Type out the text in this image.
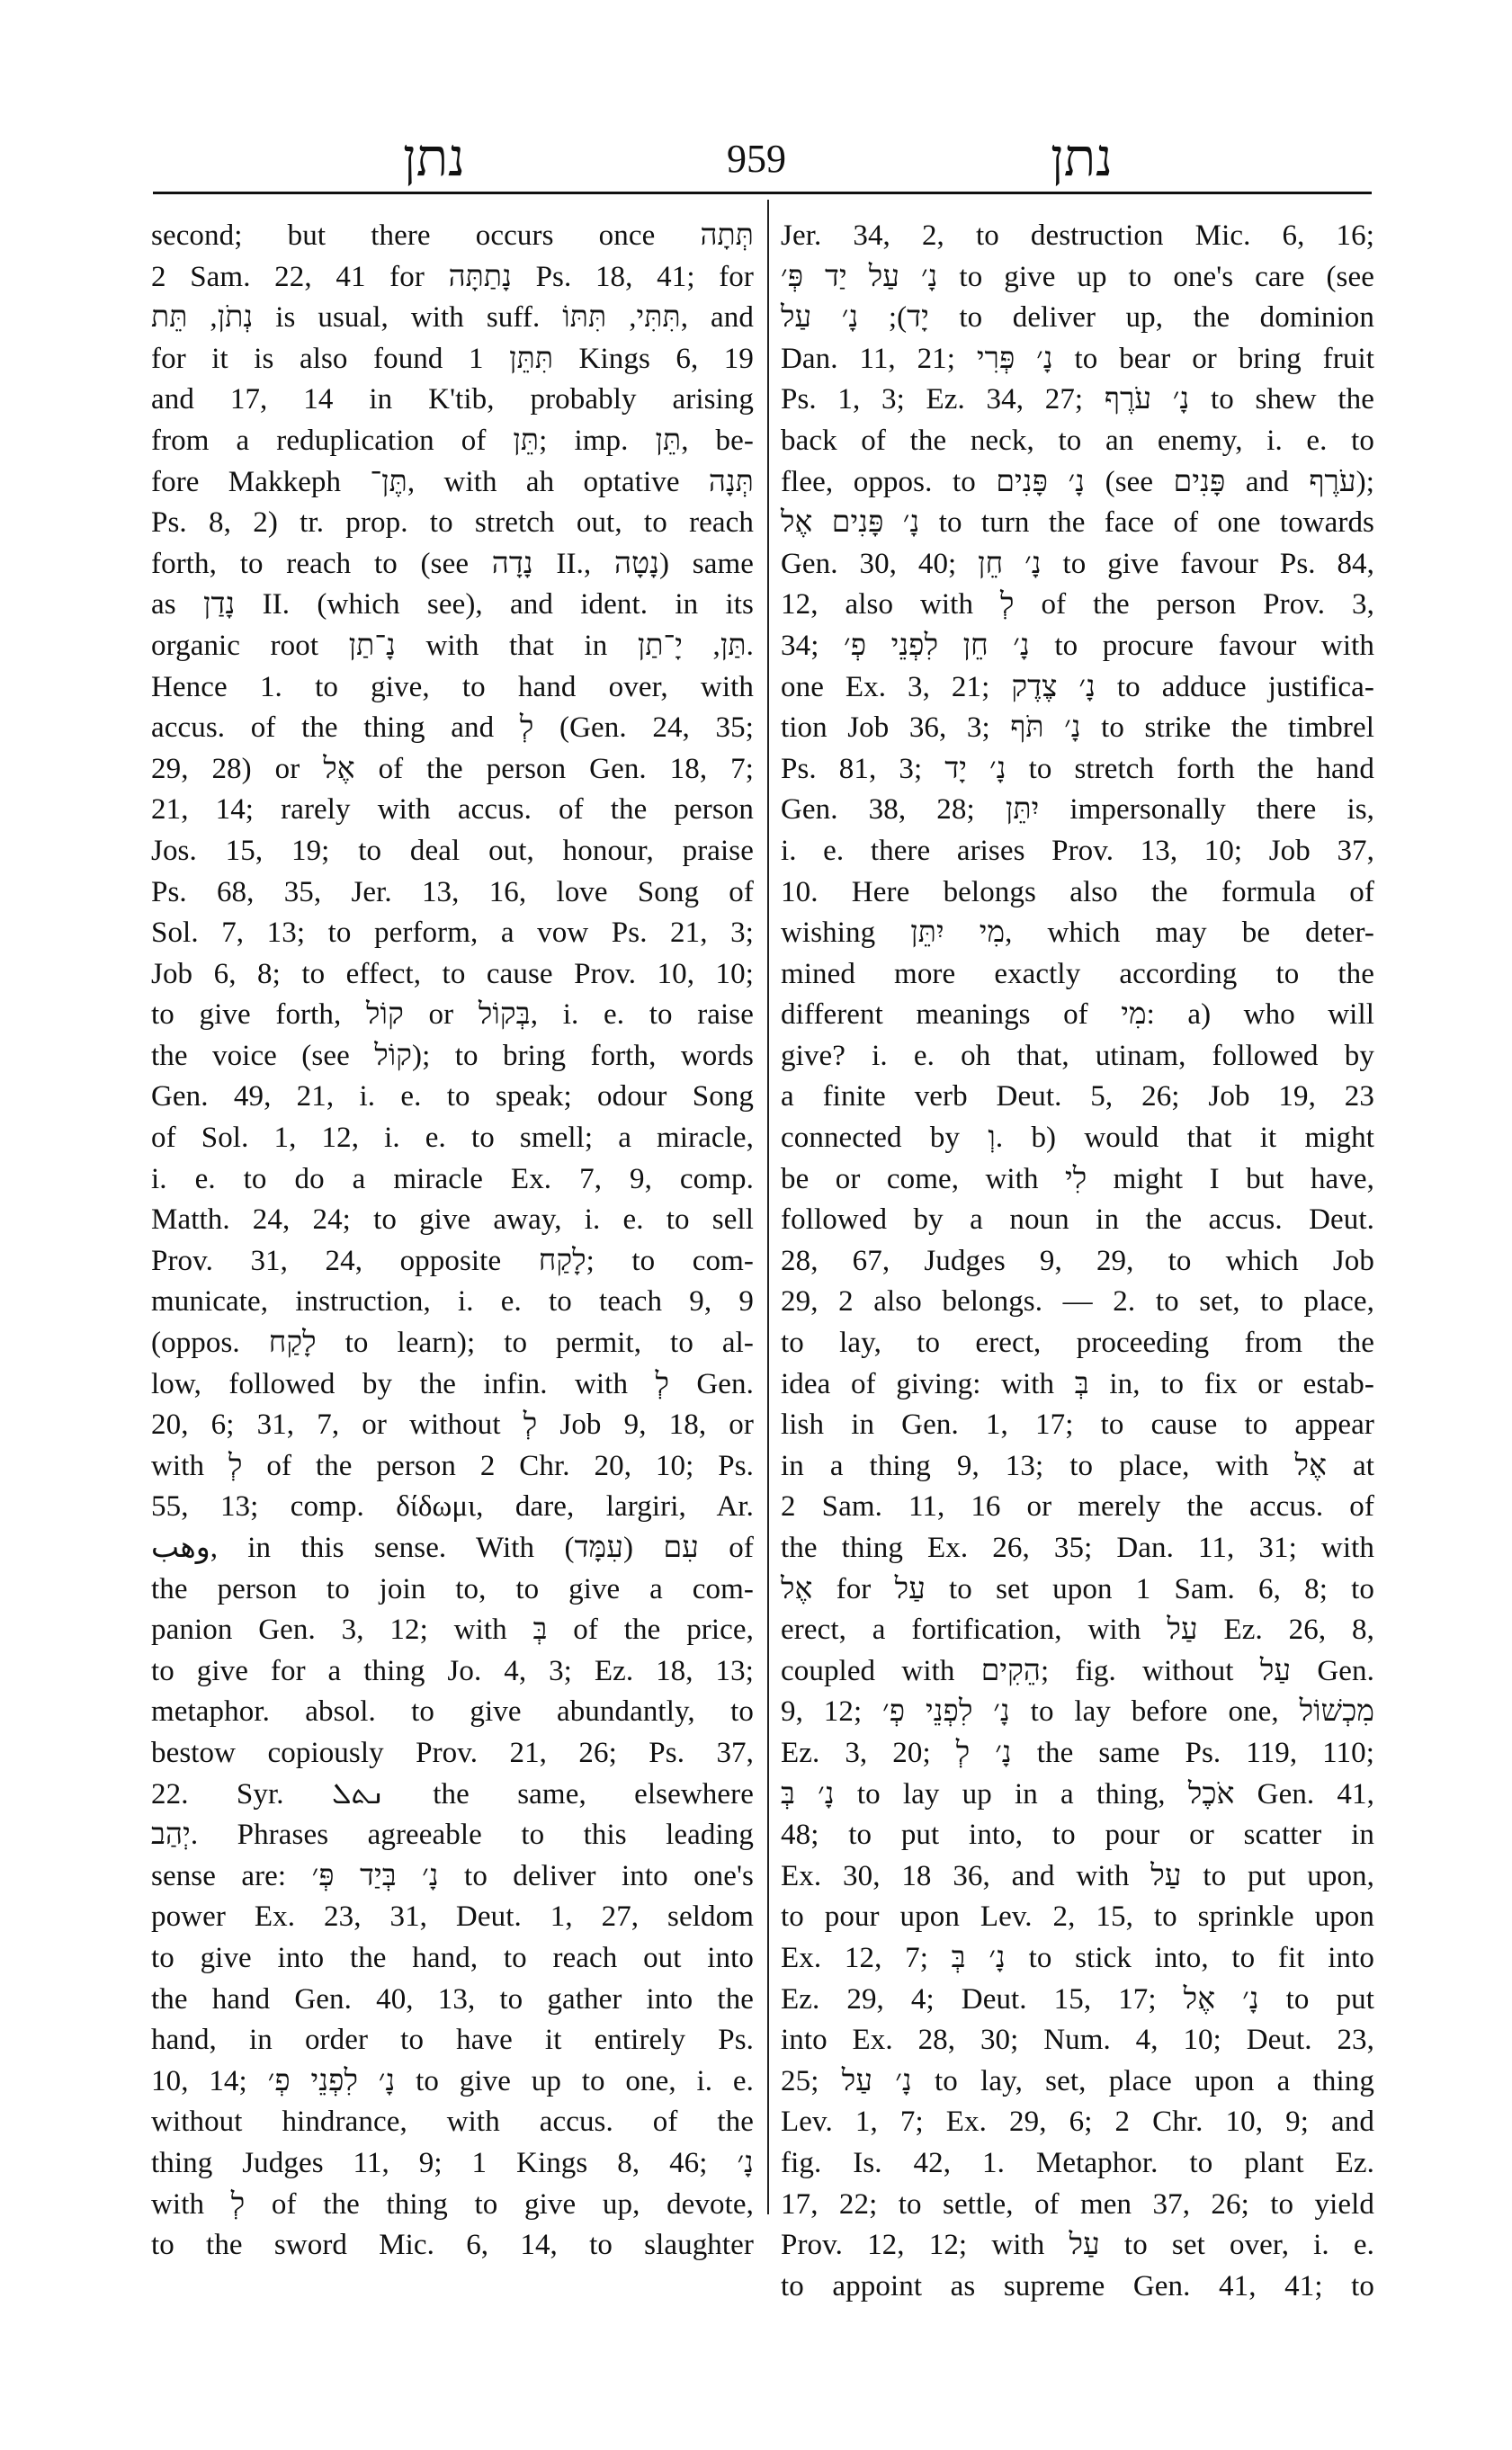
נתן	959	נתן
second; but there occurs once תְּתָה
2 Sam. 22, 41 for נָתַתָּה Ps. 18, 41; for
נְתֹן, תֵּת is usual, with suff. תִּתִּי, תִּתּוֹ, and
for it is also found תִּתֵּן 1 Kings 6, 19
and 17, 14 in K'tib, probably arising
from a reduplication of תֵּן; imp. תֵּן, be-
fore Makkeph תֶּן־, with ah optative תְּנָה
Ps. 8, 2) tr. prop. to stretch out, to reach
forth, to reach to (see נָדָה II., נָטָה) same
as נָדַן II. (which see), and ident. in its
organic root נָ־תַן with that in תַּן, יָ־תַן.
Hence 1. to give, to hand over, with
accus. of the thing and לְ (Gen. 24, 35;
29, 28) or אֶל of the person Gen. 18, 7;
21, 14; rarely with accus. of the person
Jos. 15, 19; to deal out, honour, praise
Ps. 68, 35, Jer. 13, 16, love Song of
Sol. 7, 13; to perform, a vow Ps. 21, 3;
Job 6, 8; to effect, to cause Prov. 10, 10;
to give forth, קוֹל or בְּקוֹל, i. e. to raise
the voice (see קוֹל); to bring forth, words
Gen. 49, 21, i. e. to speak; odour Song
of Sol. 1, 12, i. e. to smell; a miracle,
i. e. to do a miracle Ex. 7, 9, comp.
Matth. 24, 24; to give away, i. e. to sell
Prov. 31, 24, opposite לָקַח; to com-
municate, instruction, i. e. to teach 9, 9
(oppos. לָקַח to learn); to permit, to al-
low, followed by the infin. with לְ Gen.
20, 6; 31, 7, or without לְ Job 9, 18, or
with לְ of the person 2 Chr. 20, 10; Ps.
55, 13; comp. δίδωμι, dare, largiri, Ar.
وهب, in this sense. With עִם (עִמָּד) of
the person to join to, to give a com-
panion Gen. 3, 12; with בְּ of the price,
to give for a thing Jo. 4, 3; Ez. 18, 13;
metaphor. absol. to give abundantly, to
bestow copiously Prov. 21, 26; Ps. 37,
22. Syr. ܢܬܠ the same, elsewhere
יְהַב. Phrases agreeable to this leading
sense are: נָ׳ בְּיַד פְּ׳ to deliver into one's
power Ex. 23, 31, Deut. 1, 27, seldom
to give into the hand, to reach out into
the hand Gen. 40, 13, to gather into the
hand, in order to have it entirely Ps.
10, 14; נָ׳ לִפְנֵי פְ׳ to give up to one, i. e.
without hindrance, with accus. of the
thing Judges 11, 9; 1 Kings 8, 46; נָ׳
with לְ of the thing to give up, devote,
to the sword Mic. 6, 14, to slaughter
Jer. 34, 2, to destruction Mic. 6, 16;
נָ׳ עַל יַד פְּ׳ to give up to one's care (see
יָד); נָ׳ עַל to deliver up, the dominion
Dan. 11, 21; נָ׳ פְּרִי to bear or bring fruit
Ps. 1, 3; Ez. 34, 27; נָ׳ עֹרֶף to shew the
back of the neck, to an enemy, i. e. to
flee, oppos. to נָ׳ פָּנִים (see פָּנִים and עֹרֶף);
נָ׳ פָּנִים אֶל to turn the face of one towards
Gen. 30, 40; נָ׳ חֵן to give favour Ps. 84,
12, also with לְ of the person Prov. 3,
34; נָ׳ חֵן לִפְנֵי פְ׳ to procure favour with
one Ex. 3, 21; נָ׳ צֶדֶק to adduce justifica-
tion Job 36, 3; נָ׳ תֹּף to strike the timbrel
Ps. 81, 3; נָ׳ יָד to stretch forth the hand
Gen. 38, 28; יִתֵּן impersonally there is,
i. e. there arises Prov. 13, 10; Job 37,
10. Here belongs also the formula of
wishing מִי יִתֵּן, which may be deter-
mined more exactly according to the
different meanings of מִי: a) who will
give? i. e. oh that, utinam, followed by
a finite verb Deut. 5, 26; Job 19, 23
connected by וְ. b) would that it might
be or come, with לִי might I but have,
followed by a noun in the accus. Deut.
28, 67, Judges 9, 29, to which Job
29, 2 also belongs. — 2. to set, to place,
to lay, to erect, proceeding from the
idea of giving: with בְּ in, to fix or estab-
lish in Gen. 1, 17; to cause to appear
in a thing 9, 13; to place, with אֶל at
2 Sam. 11, 16 or merely the accus. of
the thing Ex. 26, 35; Dan. 11, 31; with
אֶל for עַל to set upon 1 Sam. 6, 8; to
erect, a fortification, with עַל Ez. 26, 8,
coupled with הֵקִים; fig. without עַל Gen.
9, 12; נָ׳ לִפְנֵי פְ׳ to lay before one, מִכְשׁוֹל
Ez. 3, 20; נָ׳ לְ the same Ps. 119, 110;
נָ׳ בְּ to lay up in a thing, אֹכֶל Gen. 41,
48; to put into, to pour or scatter in
Ex. 30, 18 36, and with עַל to put upon,
to pour upon Lev. 2, 15, to sprinkle upon
Ex. 12, 7; נָ׳ בְּ to stick into, to fit into
Ez. 29, 4; Deut. 15, 17; נָ׳ אֶל to put
into Ex. 28, 30; Num. 4, 10; Deut. 23,
25; נָ׳ עַל to lay, set, place upon a thing
Lev. 1, 7; Ex. 29, 6; 2 Chr. 10, 9; and
fig. Is. 42, 1. Metaphor. to plant Ez.
17, 22; to settle, of men 37, 26; to yield
Prov. 12, 12; with עַל to set over, i. e.
to appoint as supreme Gen. 41, 41; to
